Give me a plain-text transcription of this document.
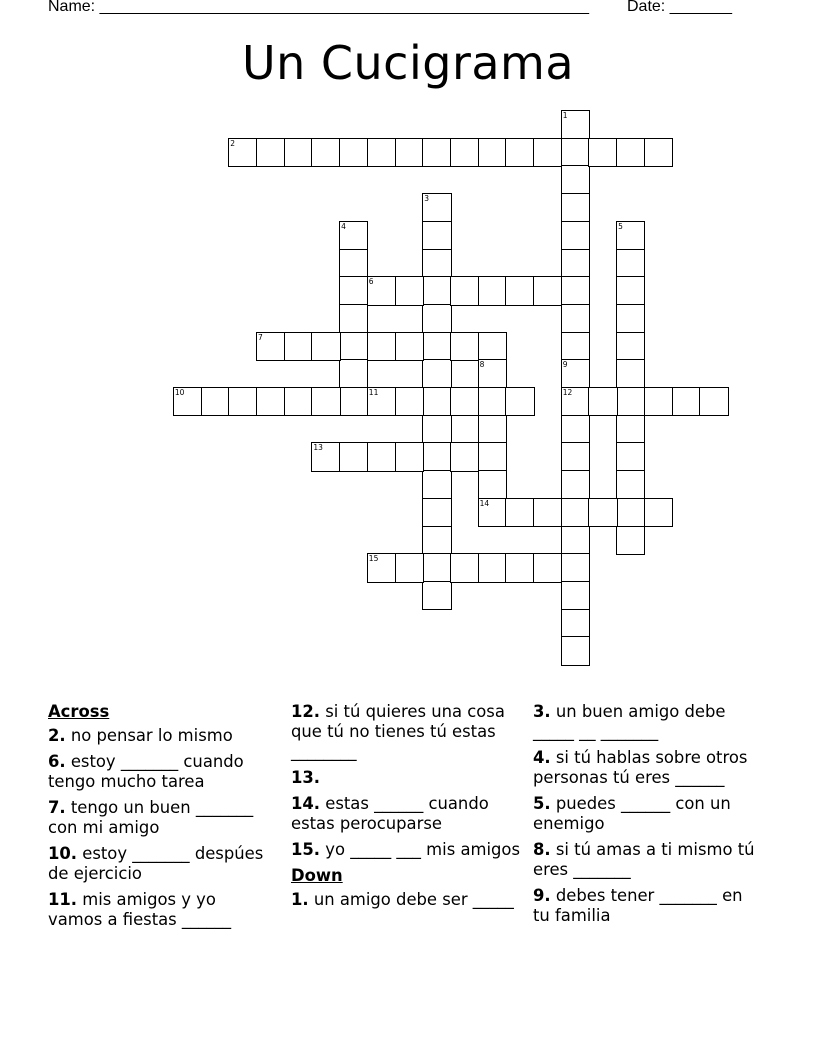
Name: _______________________________________________________ Date: _______
Un Cucigrama
1
9
12
2
3
4	5
6
7
8
10	11
13
14
15
Across
2. no pensar lo mismo
6. estoy _______ cuando tengo mucho tarea
7. tengo un buen _______ con mi amigo
10. estoy _______ despúes de ejercicio
11. mis amigos y yo vamos a fiestas ______
12. si tú quieres una cosa que tú no tienes tú estas ________
13.
14. estas ______ cuando estas perocuparse
15. yo _____ ___ mis amigos
Down
1. un amigo debe ser _____
3. un buen amigo debe _____ __ _______
4. si tú hablas sobre otros personas tú eres ______
5. puedes ______ con un enemigo
8. si tú amas a ti mismo tú eres _______
9. debes tener _______ en tu familia
